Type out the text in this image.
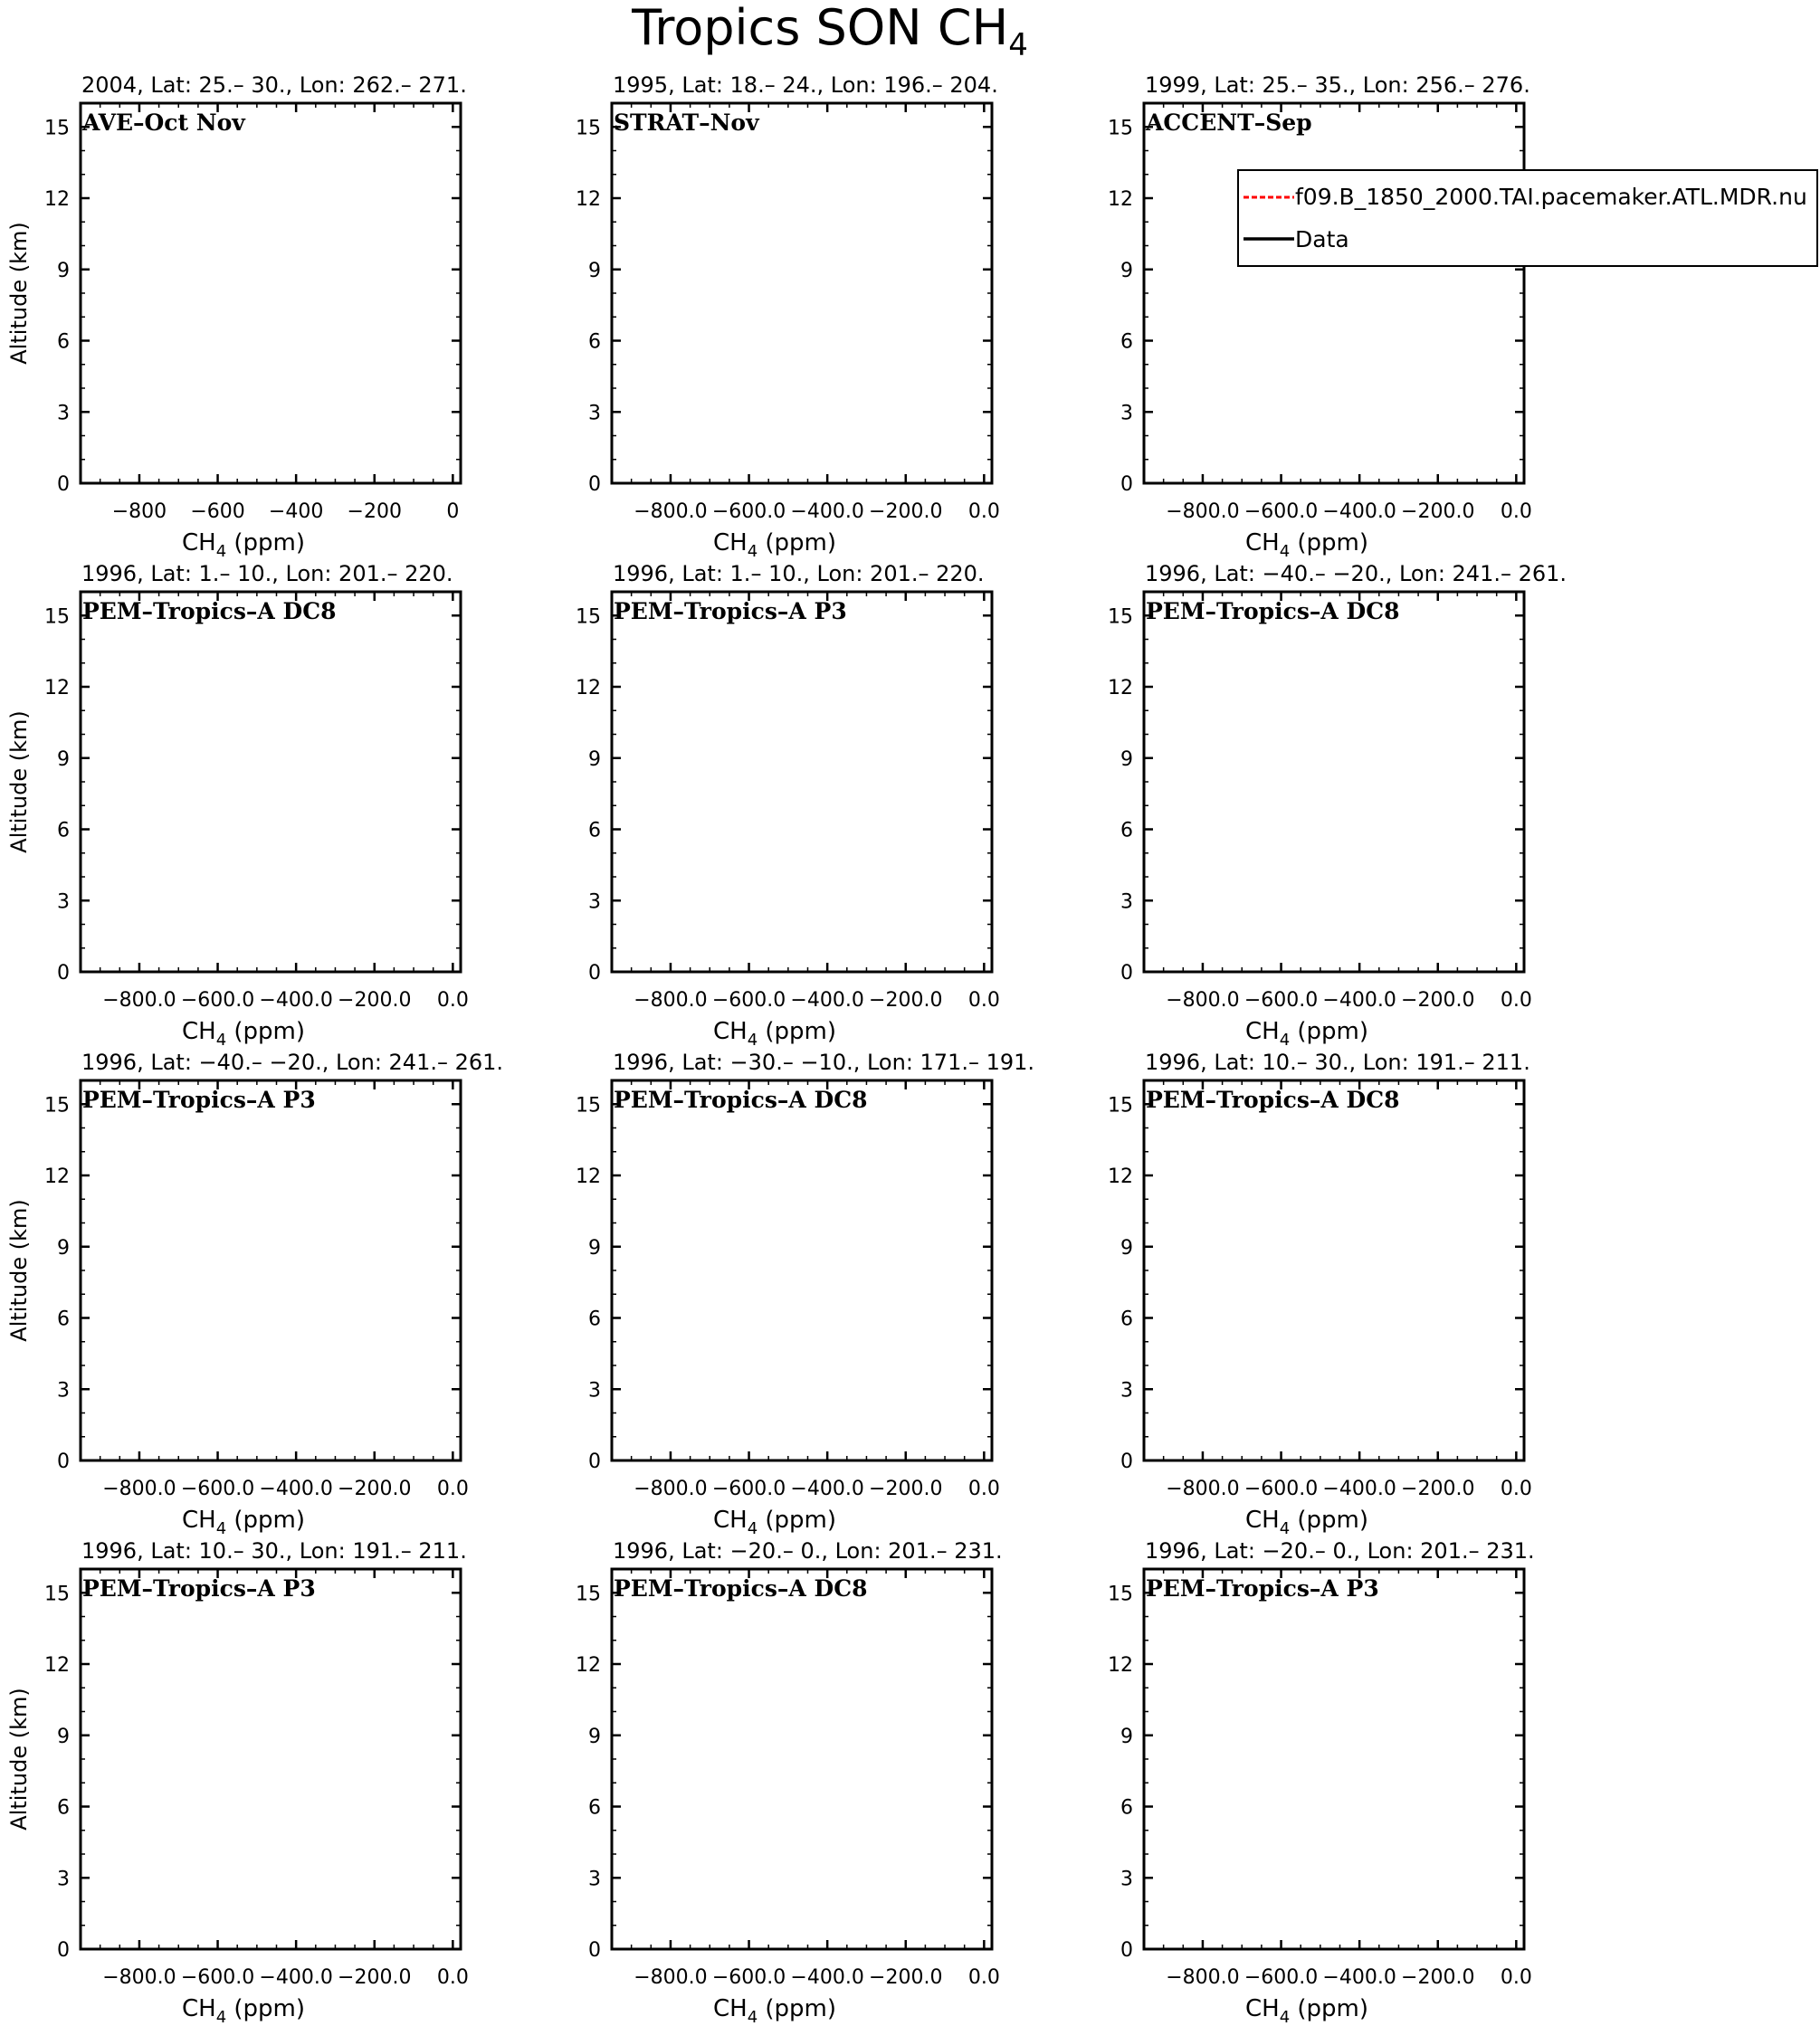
Tropics SON $CH_4$
2004, Lat: 25.– 30., Lon: 262.– 271.
AVE–Oct Nov
0
3
6
9
12
15
−800 −600 −400 −200 0
$CH_4$ (ppm)
Altitude (km)
1995, Lat: 18.– 24., Lon: 196.– 204.
STRAT–Nov
0
3
6
9
12
15
−800.0 −600.0 −400.0 −200.0 0.0
$CH_4$ (ppm)
1999, Lat: 25.– 35., Lon: 256.– 276.
ACCENT–Sep
0
3
6
9
12
15
−800.0 −600.0 −400.0 −200.0 0.0
$CH_4$ (ppm)
1996, Lat: 1.– 10., Lon: 201.– 220.
PEM–Tropics–A DC8
0
3
6
9
12
15
−800.0 −600.0 −400.0 −200.0 0.0
$CH_4$ (ppm)
Altitude (km)
1996, Lat: 1.– 10., Lon: 201.– 220.
PEM–Tropics–A P3
0
3
6
9
12
15
−800.0 −600.0 −400.0 −200.0 0.0
$CH_4$ (ppm)
1996, Lat: −40.– −20., Lon: 241.– 261.
PEM–Tropics–A DC8
0
3
6
9
12
15
−800.0 −600.0 −400.0 −200.0 0.0
$CH_4$ (ppm)
1996, Lat: −40.– −20., Lon: 241.– 261.
PEM–Tropics–A P3
0
3
6
9
12
15
−800.0 −600.0 −400.0 −200.0 0.0
$CH_4$ (ppm)
Altitude (km)
1996, Lat: −30.– −10., Lon: 171.– 191.
PEM–Tropics–A DC8
0
3
6
9
12
15
−800.0 −600.0 −400.0 −200.0 0.0
$CH_4$ (ppm)
1996, Lat: 10.– 30., Lon: 191.– 211.
PEM–Tropics–A DC8
0
3
6
9
12
15
−800.0 −600.0 −400.0 −200.0 0.0
$CH_4$ (ppm)
1996, Lat: 10.– 30., Lon: 191.– 211.
PEM–Tropics–A P3
0
3
6
9
12
15
−800.0 −600.0 −400.0 −200.0 0.0
$CH_4$ (ppm)
Altitude (km)
1996, Lat: −20.– 0., Lon: 201.– 231.
PEM–Tropics–A DC8
0
3
6
9
12
15
−800.0 −600.0 −400.0 −200.0 0.0
$CH_4$ (ppm)
1996, Lat: −20.– 0., Lon: 201.– 231.
PEM–Tropics–A P3
0
3
6
9
12
15
−800.0 −600.0 −400.0 −200.0 0.0
$CH_4$ (ppm)
f09.B_1850_2000.TAI.pacemaker.ATL.MDR.nu
Data
